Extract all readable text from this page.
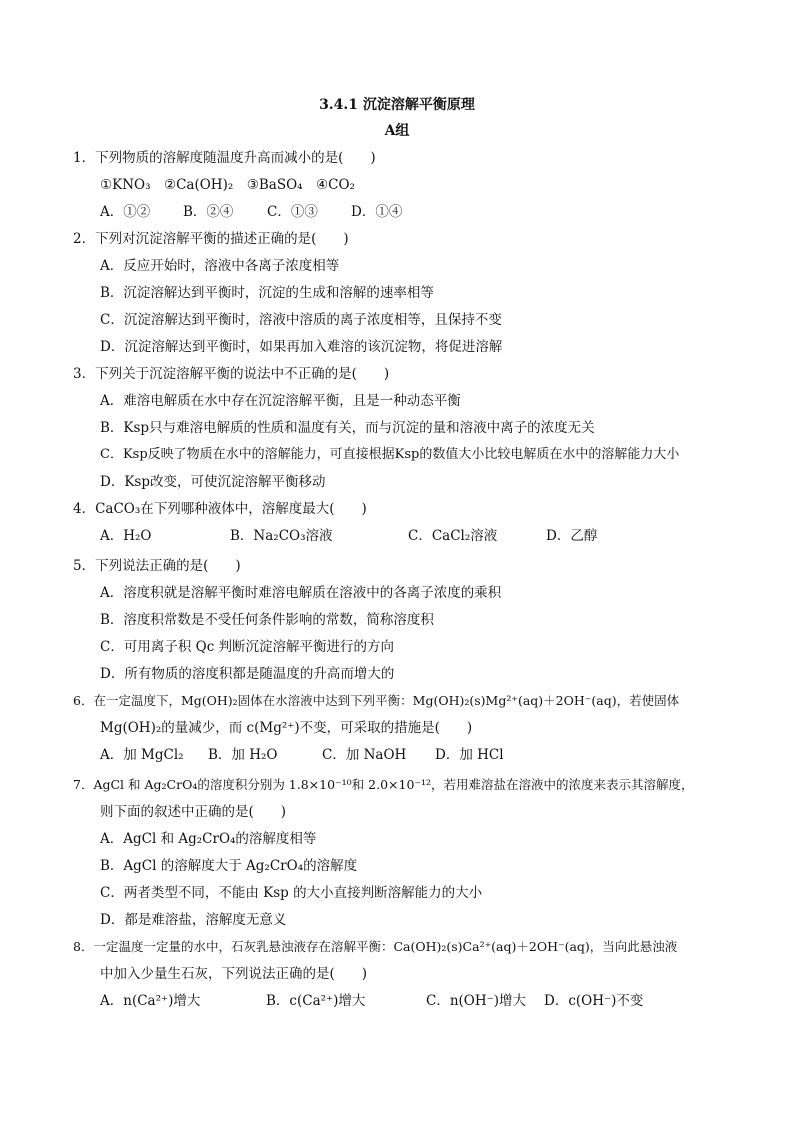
3.4.1 沉淀溶解平衡原理
A组
1．下列物质的溶解度随温度升高而减小的是(　　)
①KNO₃　②Ca(OH)₂　③BaSO₄　④CO₂
A．①② B．②④ C．①③ D．①④
2．下列对沉淀溶解平衡的描述正确的是(　　)
A．反应开始时，溶液中各离子浓度相等
B．沉淀溶解达到平衡时，沉淀的生成和溶解的速率相等
C．沉淀溶解达到平衡时，溶液中溶质的离子浓度相等，且保持不变
D．沉淀溶解达到平衡时，如果再加入难溶的该沉淀物，将促进溶解
3．下列关于沉淀溶解平衡的说法中不正确的是(　　)
A．难溶电解质在水中存在沉淀溶解平衡，且是一种动态平衡
B．Ksp只与难溶电解质的性质和温度有关，而与沉淀的量和溶液中离子的浓度无关
C．Ksp反映了物质在水中的溶解能力，可直接根据Ksp的数值大小比较电解质在水中的溶解能力大小
D．Ksp改变，可使沉淀溶解平衡移动
4．CaCO₃在下列哪种液体中，溶解度最大(　　)
A．H₂O	B．Na₂CO₃溶液	C．CaCl₂溶液	D．乙醇
5．下列说法正确的是(　　)
A．溶度积就是溶解平衡时难溶电解质在溶液中的各离子浓度的乘积
B．溶度积常数是不受任何条件影响的常数，简称溶度积
C．可用离子积 Qc 判断沉淀溶解平衡进行的方向
D．所有物质的溶度积都是随温度的升高而增大的
6．在一定温度下，Mg(OH)₂固体在水溶液中达到下列平衡：Mg(OH)₂(s)Mg²⁺(aq)＋2OH⁻(aq)，若使固体
Mg(OH)₂的量减少，而 c(Mg²⁺)不变，可采取的措施是(　　)
A．加 MgCl₂ B．加 H₂O	C．加 NaOH D．加 HCl
7．AgCl 和 Ag₂CrO₄的溶度积分别为 1.8×10⁻¹⁰和 2.0×10⁻¹²，若用难溶盐在溶液中的浓度来表示其溶解度，
则下面的叙述中正确的是(　　)
A．AgCl 和 Ag₂CrO₄的溶解度相等
B．AgCl 的溶解度大于 Ag₂CrO₄的溶解度
C．两者类型不同，不能由 Ksp 的大小直接判断溶解能力的大小
D．都是难溶盐，溶解度无意义
8．一定温度一定量的水中，石灰乳悬浊液存在溶解平衡：Ca(OH)₂(s)Ca²⁺(aq)＋2OH⁻(aq)，当向此悬浊液
中加入少量生石灰，下列说法正确的是(　　)
A．n(Ca²⁺)增大	B．c(Ca²⁺)增大	C．n(OH⁻)增大 D．c(OH⁻)不变
